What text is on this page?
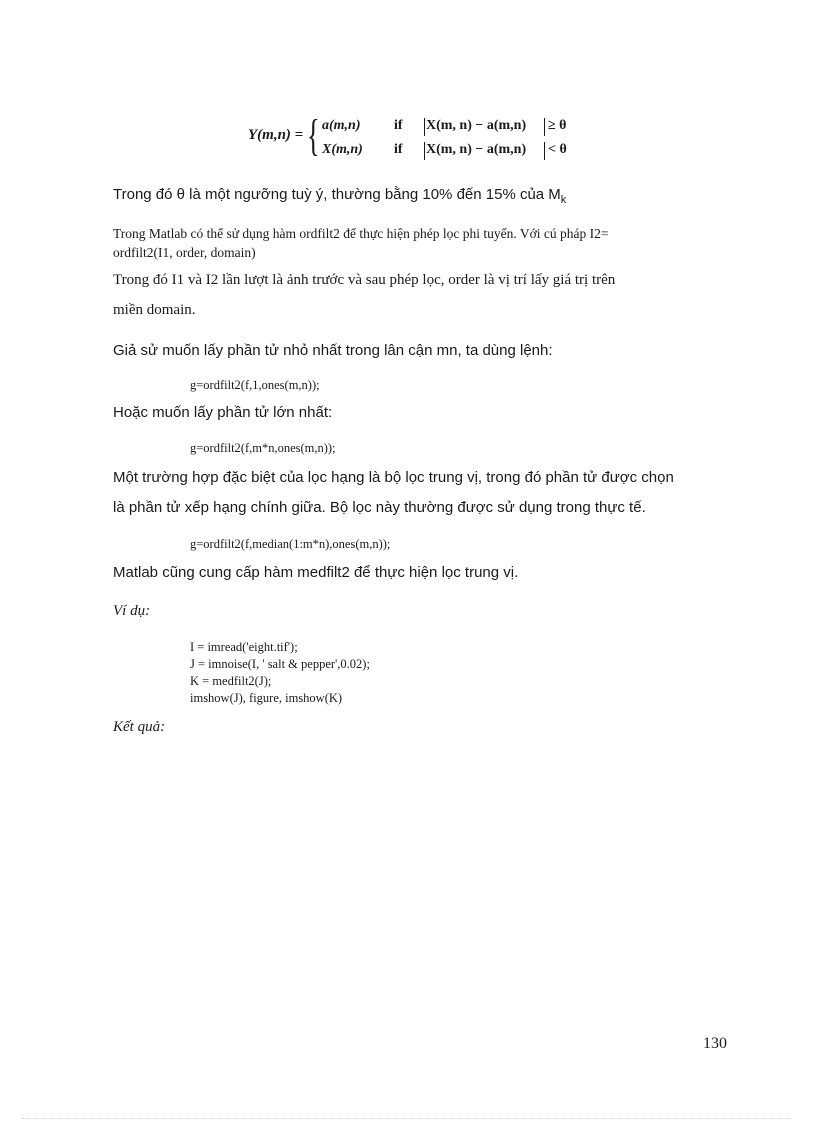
Y(m,n) = { a(m,n) if X(m, n) − a(m,n) ≥ θ
X(m,n) if X(m, n) − a(m,n) < θ
Trong đó θ là một ngưỡng tuỳ ý, thường bằng 10% đến 15% của $M_k$
Trong Matlab có thể sử dụng hàm ordfilt2 để thực hiện phép lọc phi tuyến. Với cú pháp I2=
ordfilt2(I1, order, domain)
Trong đó I1 và I2 lần lượt là ảnh trước và sau phép lọc, order là vị trí lấy giá trị trên
miền domain.
Giả sử muốn lấy phần tử nhỏ nhất trong lân cận mn, ta dùng lệnh:
g=ordfilt2(f,1,ones(m,n));
Hoặc muốn lấy phần tử lớn nhất:
g=ordfilt2(f,m*n,ones(m,n));
Một trường hợp đặc biệt của lọc hạng là bộ lọc trung vị, trong đó phần tử được chọn
là phần tử xếp hạng chính giữa. Bộ lọc này thường được sử dụng trong thực tế.
g=ordfilt2(f,median(1:m*n),ones(m,n));
Matlab cũng cung cấp hàm medfilt2 để thực hiện lọc trung vị.
Ví dụ:
I = imread('eight.tif');
J = imnoise(I, ' salt & pepper',0.02);
K = medfilt2(J);
imshow(J), figure, imshow(K)
Kết quả:
130
